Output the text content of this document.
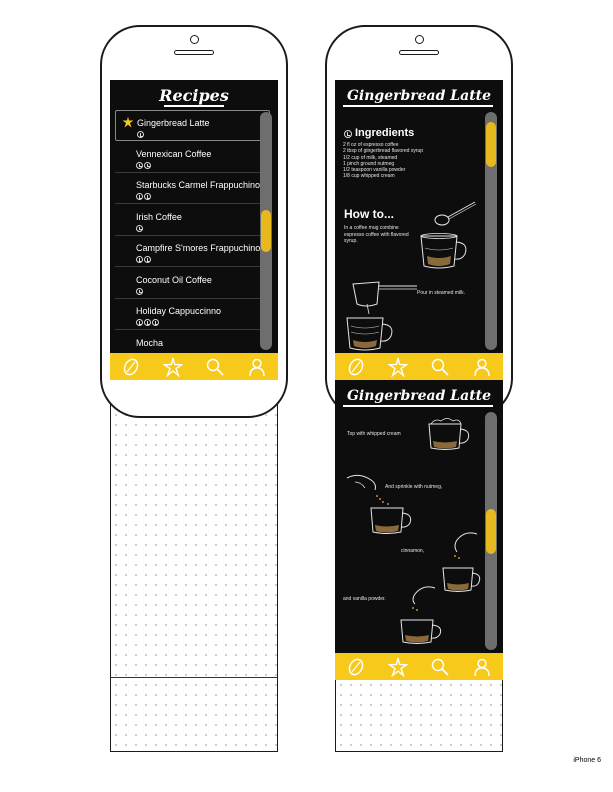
Recipes
Gingerbread Latte
Vennexican Coffee
Starbucks Carmel Frappuchino
Irish Coffee
Campfire S'mores Frappuchino
Coconut Oil Coffee
Holiday Cappuccinno
Mocha
Gingerbread Latte
Ingredients
2 fl oz of espresso coffee
2 tbsp of gingerbread flavored syrup
1/2 cup of milk, steamed
1 pinch ground nutmeg
1/2 teaspoon vanilla powder
1/8 cup whipped cream
How to...
In a coffee mug combine espresso coffee with flavored syrup.
Pour in steamed milk.
Gingerbread Latte
Top with whipped cream
And sprinkle with nutmeg,
cinnamon,
and vanilla powder.
iPhone 6
